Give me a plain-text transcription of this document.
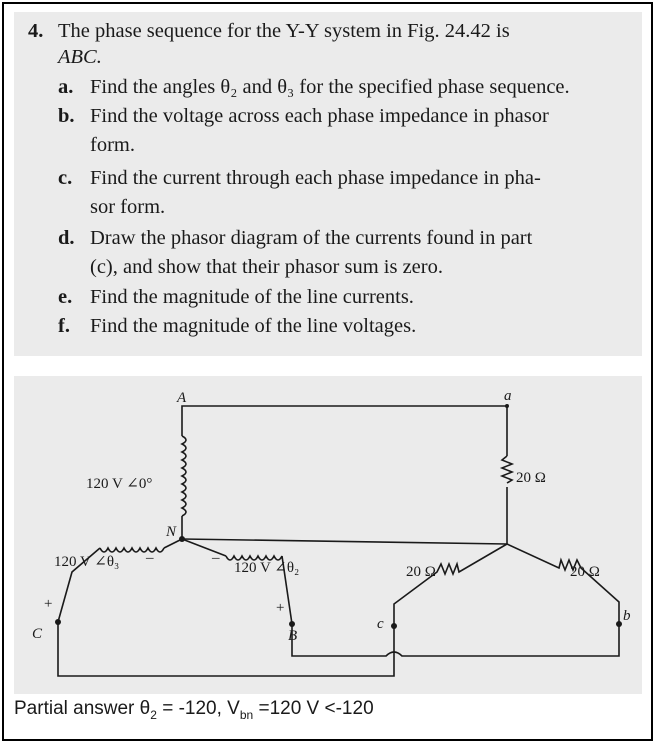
4. The phase sequence for the Y-Y system in Fig. 24.42 is
ABC.
a. Find the angles θ₂ and θ₃ for the specified phase sequence.
b. Find the voltage across each phase impedance in phasor
form.
c. Find the current through each phase impedance in pha-
sor form.
d. Draw the phasor diagram of the currents found in part
(c), and show that their phasor sum is zero.
e. Find the magnitude of the line currents.
f. Find the magnitude of the line voltages.
A	a
120 V ∠0°
N
120 V ∠θ₃	120 V ∠θ₂
+
–	–
+
C	B
c	b
20 Ω
20 Ω	20 Ω
Partial answer $\theta_2 = -120$, $V_{bn} =120$ V <-120
